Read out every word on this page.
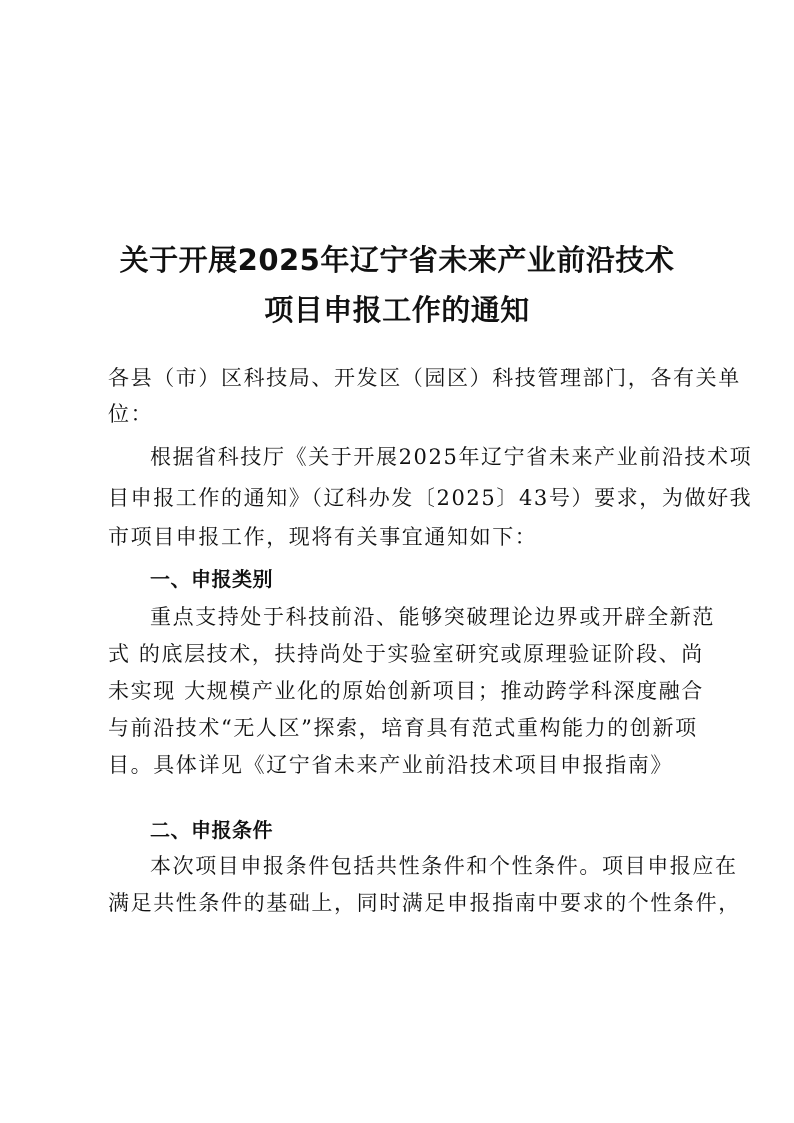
关于开展2025年辽宁省未来产业前沿技术
项目申报工作的通知
各县（市）区科技局、开发区（园区）科技管理部门，各有关单
位：
根据省科技厅《关于开展2025年辽宁省未来产业前沿技术项
目申报工作的通知》（辽科办发〔2025〕43号）要求，为做好我
市项目申报工作，现将有关事宜通知如下：
一、申报类别
重点支持处于科技前沿、能够突破理论边界或开辟全新范
式 的底层技术，扶持尚处于实验室研究或原理验证阶段、尚
未实现 大规模产业化的原始创新项目；推动跨学科深度融合
与前沿技术“无人区”探索，培育具有范式重构能力的创新项
目。具体详见《辽宁省未来产业前沿技术项目申报指南》
二、申报条件
本次项目申报条件包括共性条件和个性条件。项目申报应在
满足共性条件的基础上，同时满足申报指南中要求的个性条件，
